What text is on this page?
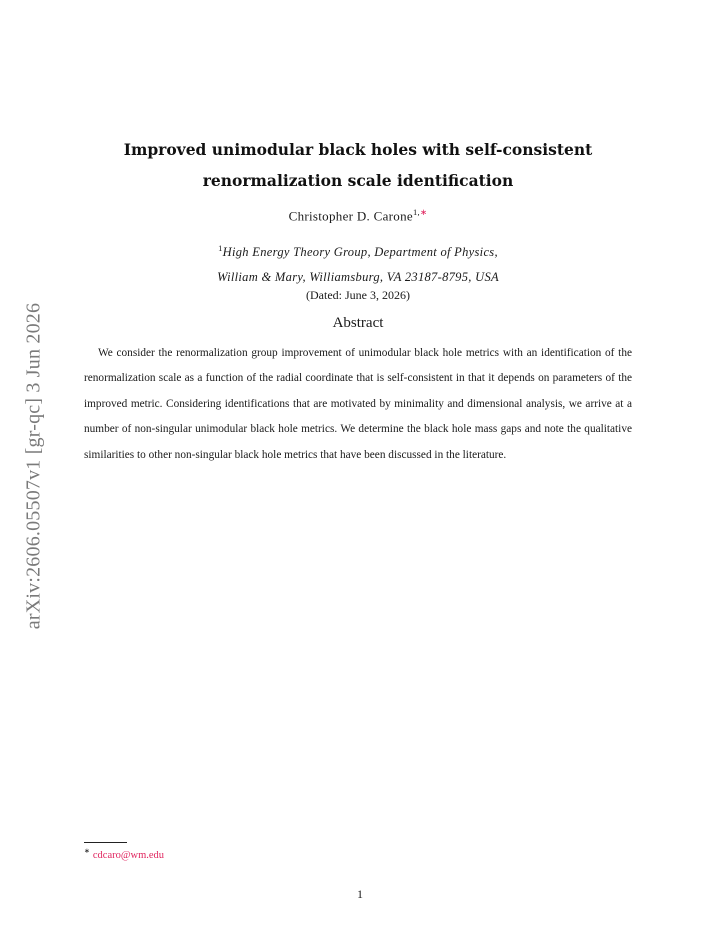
arXiv:2606.05507v1 [gr-qc] 3 Jun 2026
Improved unimodular black holes with self-consistent
renormalization scale identification
Christopher D. Carone$^{1,∗}$
$^1$High Energy Theory Group, Department of Physics,
William & Mary, Williamsburg, VA 23187-8795, USA
(Dated: June 3, 2026)
Abstract
We consider the renormalization group improvement of unimodular black hole metrics with an identification of the renormalization scale as a function of the radial coordinate that is self-consistent in that it depends on parameters of the improved metric. Considering identifications that are motivated by minimality and dimensional analysis, we arrive at a number of non-singular unimodular black hole metrics. We determine the black hole mass gaps and note the qualitative similarities to other non-singular black hole metrics that have been discussed in the literature.
∗ cdcaro@wm.edu
1
